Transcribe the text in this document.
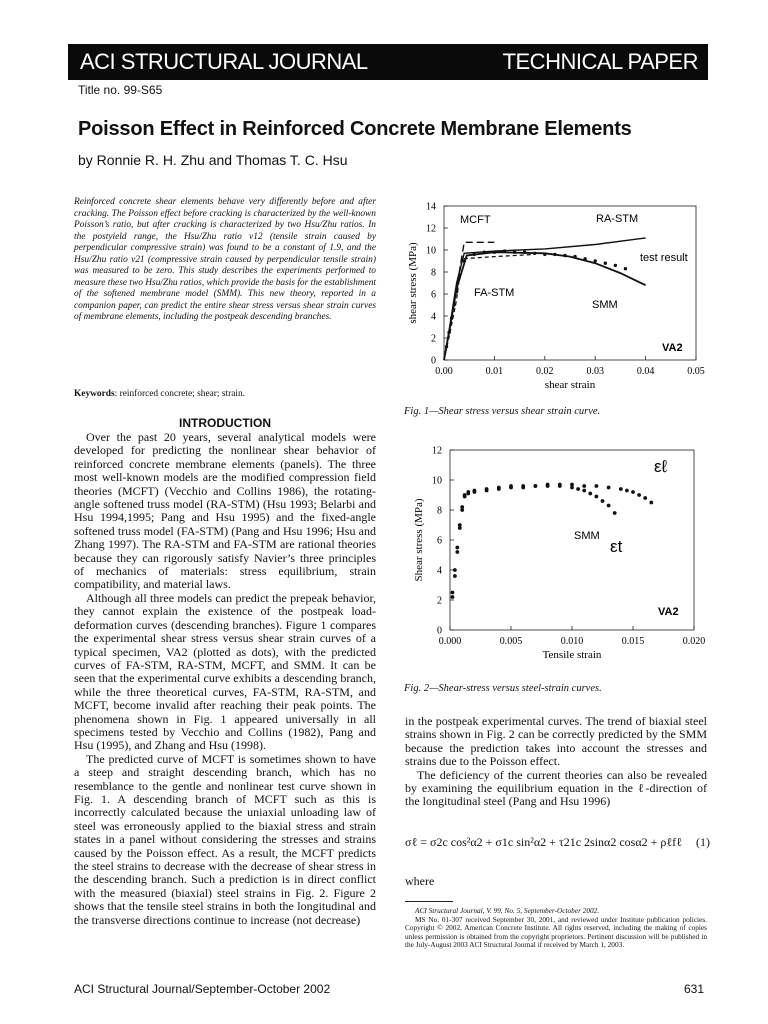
ACI STRUCTURAL JOURNAL	TECHNICAL PAPER
Title no. 99-S65
Poisson Effect in Reinforced Concrete Membrane Elements
by Ronnie R. H. Zhu and Thomas T. C. Hsu
Reinforced concrete shear elements behave very differently before and after cracking. The Poisson effect before cracking is characterized by the well-known Poisson’s ratio, but after cracking is characterized by two Hsu/Zhu ratios. In the postyield range, the Hsu/Zhu ratio ν12 (tensile strain caused by perpendicular compressive strain) was found to be a constant of 1.9, and the Hsu/Zhu ratio ν21 (compressive strain caused by perpendicular tensile strain) was measured to be zero. This study describes the experiments performed to measure these two Hsu/Zhu ratios, which provide the basis for the establishment of the softened membrane model (SMM). This new theory, reported in a companion paper, can predict the entire shear stress versus shear strain curves of membrane elements, including the postpeak descending branches.
Keywords: reinforced concrete; shear; strain.
INTRODUCTION

Over the past 20 years, several analytical models were developed for predicting the nonlinear shear behavior of reinforced concrete membrane elements (panels). The three most well-known models are the modified compression field theories (MCFT) (Vecchio and Collins 1986), the rotating-angle softened truss model (RA-STM) (Hsu 1993; Belarbi and Hsu 1994,1995; Pang and Hsu 1995) and the fixed-angle softened truss model (FA-STM) (Pang and Hsu 1996; Hsu and Zhang 1997). The RA-STM and FA-STM are rational theories because they can rigorously satisfy Navier’s three principles of mechanics of materials: stress equilibrium, strain compatibility, and material laws.

Although all three models can predict the prepeak behavior, they cannot explain the existence of the postpeak load-deformation curves (descending branches). Figure 1 compares the experimental shear stress versus shear strain curves of a typical specimen, VA2 (plotted as dots), with the predicted curves of FA-STM, RA-STM, MCFT, and SMM. It can be seen that the experimental curve exhibits a descending branch, while the three theoretical curves, FA-STM, RA-STM, and MCFT, become invalid after reaching their peak points. The phenomena shown in Fig. 1 appeared universally in all specimens tested by Vecchio and Collins (1982), Pang and Hsu (1995), and Zhang and Hsu (1998).

The predicted curve of MCFT is sometimes shown to have a steep and straight descending branch, which has no resemblance to the gentle and nonlinear test curve shown in Fig. 1. A descending branch of MCFT such as this is incorrectly calculated because the uniaxial unloading law of steel was erroneously applied to the biaxial stress and strain states in a panel without considering the stresses and strains caused by the Poisson effect. As a result, the MCFT predicts the steel strains to decrease with the decrease of shear stress in the descending branch. Such a prediction is in direct conflict with the measured (biaxial) steel strains in Fig. 2. Figure 2 shows that the tensile steel strains in both the longitudinal and the transverse directions continue to increase (not decrease)

0.00	0.01	0.02	0.03	0.04	0.05
0
2
4
6
8
10
12
14
shear strain
shear stress (MPa)
MCFT	RA-STM
FA-STM
SMM
test result
VA2
Fig. 1—Shear stress versus shear strain curve.
0.000	0.005	0.010	0.015	0.020
0
2
4
6
8
10
12
Tensile strain
Shear stress (MPa)	SMM
εℓ
εt
VA2
Fig. 2—Shear-stress versus steel-strain curves.

in the postpeak experimental curves. The trend of biaxial steel strains shown in Fig. 2 can be correctly predicted by the SMM because the prediction takes into account the stresses and strains due to the Poisson effect.

The deficiency of the current theories can also be revealed by examining the equilibrium equation in the ℓ-direction of the longitudinal steel (Pang and Hsu 1996)

σℓ = σ2c cos²α2 + σ1c sin²α2 + τ21c 2sinα2 cosα2 + ρℓfℓ (1)
where
ACI Structural Journal, V. 99, No. 5, September-October 2002.
MS No. 01-307 received September 30, 2001, and reviewed under Institute publication policies. Copyright © 2002, American Concrete Institute. All rights reserved, including the making of copies unless permission is obtained from the copyright proprietors. Pertinent discussion will be published in the July-August 2003 ACI Structural Journal if received by March 1, 2003.
ACI Structural Journal/September-October 2002	631
